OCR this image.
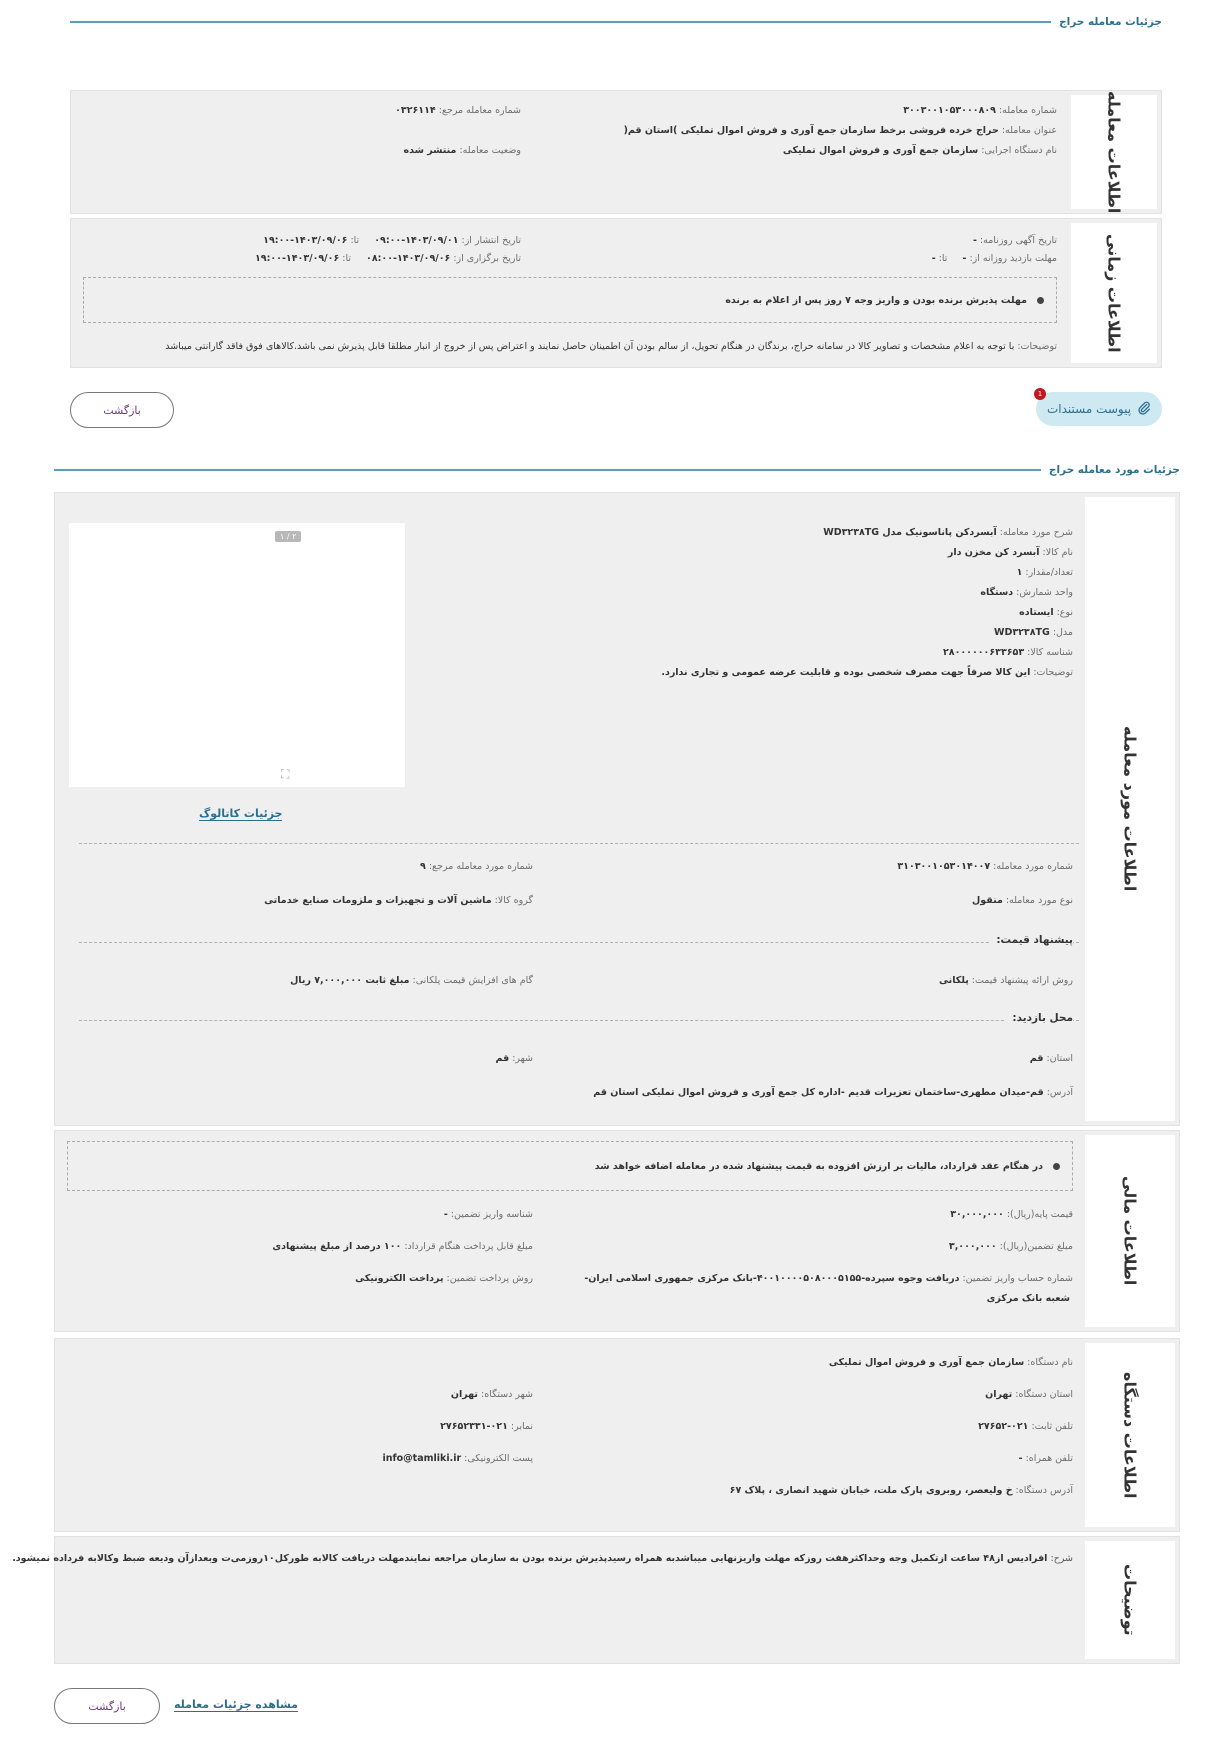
جزئیات معامله حراج
اطلاعات معامله
شماره معامله:۳۰۰۳۰۰۱۰۵۳۰۰۰۸۰۹
شماره معامله مرجع:۰۳۲۶۱۱۴
عنوان معامله:حراج خرده فروشی برخط سازمان جمع آوری و فروش اموال تملیکی )استان قم(
نام دستگاه اجرایی:سازمان جمع آوری و فروش اموال تملیکی
وضعیت معامله:منتشر شده
اطلاعات زمانی
تاریخ آگهی روزنامه:-
تاریخ انتشار از:۱۴۰۳/۰۹/۰۱-۰۹:۰۰ تا:۱۴۰۳/۰۹/۰۶-۱۹:۰۰
مهلت بازدید روزانه از:- تا:-
تاریخ برگزاری از:۱۴۰۳/۰۹/۰۶-۰۸:۰۰ تا:۱۴۰۳/۰۹/۰۶-۱۹:۰۰
مهلت پذیرش برنده بودن و واریز وجه ۷ روز پس از اعلام به برنده
توضیحات:با توجه به اعلام مشخصات و تصاویر کالا در سامانه حراج، برندگان در هنگام تحویل، از سالم بودن آن اطمینان حاصل نمایند و اعتراض پس از خروج از انبار مطلقا قابل پذیرش نمی باشد.کالاهای فوق فاقد گارانتی میباشد
پیوست مستندات
1
بازگشت
جزئیات مورد معامله حراج
اطلاعات مورد معامله
شرح مورد معامله:آبسردکن پاناسونیک مدل WD۳۲۳۸TG
نام کالا:آبسرد کن مخزن دار
تعداد/مقدار:۱
واحد شمارش:دستگاه
نوع:ایستاده
مدل:WD۳۲۳۸TG
شناسه کالا:۲۸۰۰۰۰۰۰۶۳۳۶۵۳
توضیحات:این کالا صرفاً جهت مصرف شخصی بوده و قابلیت عرضه عمومی و تجاری ندارد.
۲ / ۱
⛶
جزئیات کاتالوگ
شماره مورد معامله:۳۱۰۳۰۰۱۰۵۳۰۱۴۰۰۷
شماره مورد معامله مرجع:۹
نوع مورد معامله:منقول
گروه کالا:ماشین آلات و تجهیزات و ملزومات صنایع خدماتی
پیشنهاد قیمت:
روش ارائه پیشنهاد قیمت:پلکانی
گام های افزایش قیمت پلکانی:مبلغ ثابت ۷,۰۰۰,۰۰۰ ریال
محل بازدید:
استان:قم
شهر:قم
آدرس:قم-میدان مطهری-ساختمان تعزیرات قدیم -اداره کل جمع آوری و فروش اموال تملیکی استان قم
اطلاعات مالی
در هنگام عقد قرارداد، مالیات بر ارزش افزوده به قیمت پیشنهاد شده در معامله اضافه خواهد شد
قیمت پایه(ریال):۳۰,۰۰۰,۰۰۰
شناسه واریز تضمین:-
مبلغ تضمین(ریال):۳,۰۰۰,۰۰۰
مبلغ قابل پرداخت هنگام قرارداد:۱۰۰ درصد از مبلغ پیشنهادی
شماره حساب واریز تضمین:دریافت وجوه سپرده-۴۰۰۱۰۰۰۰۵۰۸۰۰۰۵۱۵۵-بانک مرکزی جمهوری اسلامی ایران-
شعبه بانک مرکزی
روش پرداخت تضمین:پرداخت الکترونیکی
اطلاعات دستگاه
نام دستگاه:سازمان جمع آوری و فروش اموال تملیکی
استان دستگاه:تهران
شهر دستگاه:تهران
تلفن ثابت:۰۲۱-۲۷۶۵۲
نمابر:۰۲۱-۲۷۶۵۲۳۳۱
تلفن همراه:-
پست الکترونیکی:info@tamliki.ir
آدرس دستگاه:خ ولیعصر، روبروی پارک ملت، خیابان شهید انصاری ، پلاک ۶۷
توضیحات
شرح: افرادیس از۴۸ ساعت ازتکمیل وجه وحداکثرهفت روزکه مهلت واریزنهایی میباشدبه همراه رسیدپذیرش برنده بودن به سازمان مراجعه نمایندمهلت دریافت کالابه طورکل۱۰روزمی‌ت وبعدازآن ودیعه ضبط وکالابه فرداده نمیشود.
بازگشت	مشاهده جزئیات معامله
